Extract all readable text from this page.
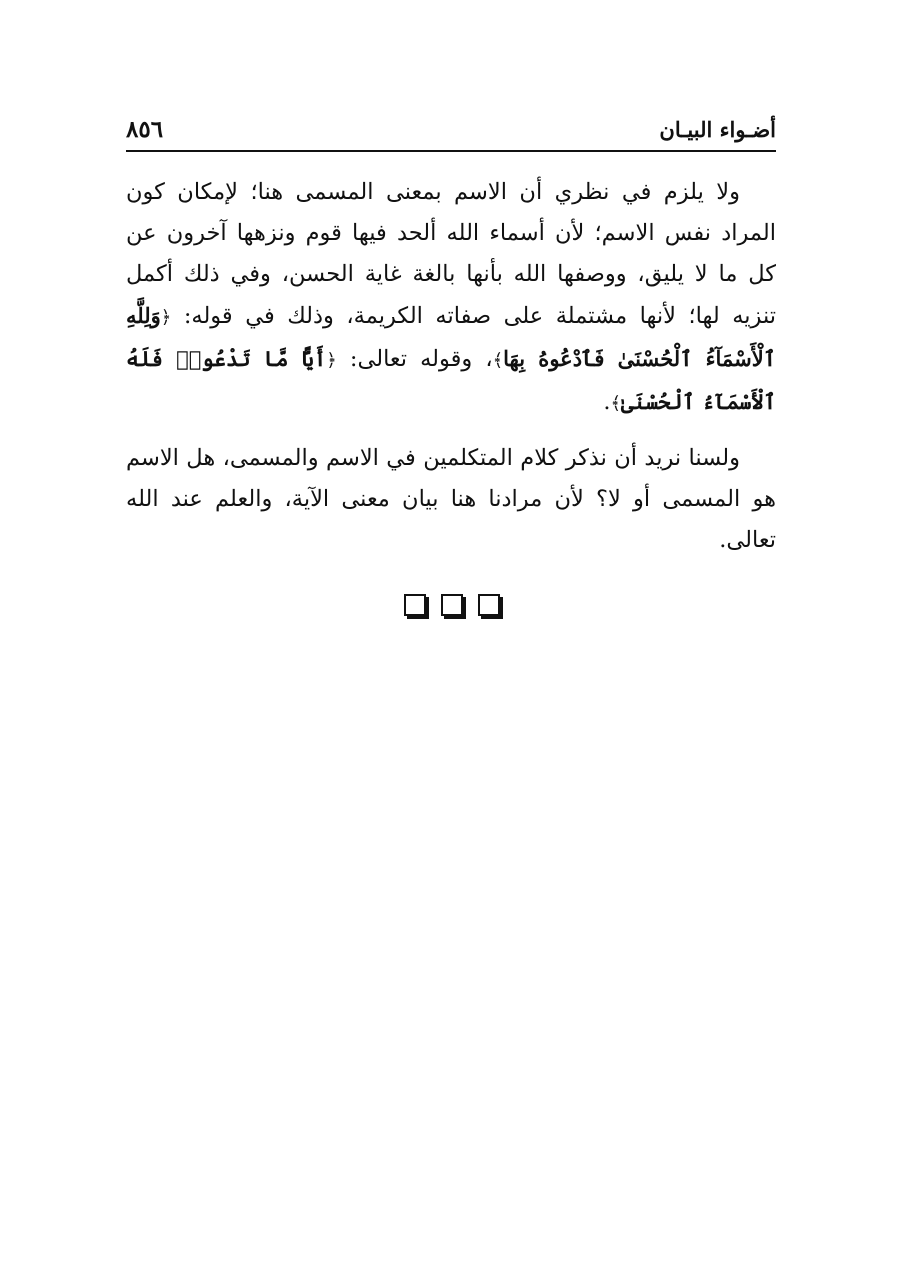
أضـواء البيـان
٨٥٦

ولا يلزم في نظري أن الاسم بمعنى المسمى هنا؛ لإمكان كون المراد نفس الاسم؛ لأن أسماء الله ألحد فيها قوم ونزهها آخرون عن كل ما لا يليق، ووصفها الله بأنها بالغة غاية الحسن، وفي ذلك أكمل تنزيه لها؛ لأنها مشتملة على صفاته الكريمة، وذلك في قوله: ﴿وَلِلَّهِ ٱلْأَسْمَآءُ ٱلْحُسْنَىٰ فَٱدْعُوهُ بِهَا﴾، وقوله تعالى: ﴿أَيًّا مَّا تَدْعُوا۟ فَلَهُ ٱلْأَسْمَآءُ ٱلْحُسْنَىٰ﴾.

ولسنا نريد أن نذكر كلام المتكلمين في الاسم والمسمى، هل الاسم هو المسمى أو لا؟ لأن مرادنا هنا بيان معنى الآية، والعلم عند الله تعالى.
